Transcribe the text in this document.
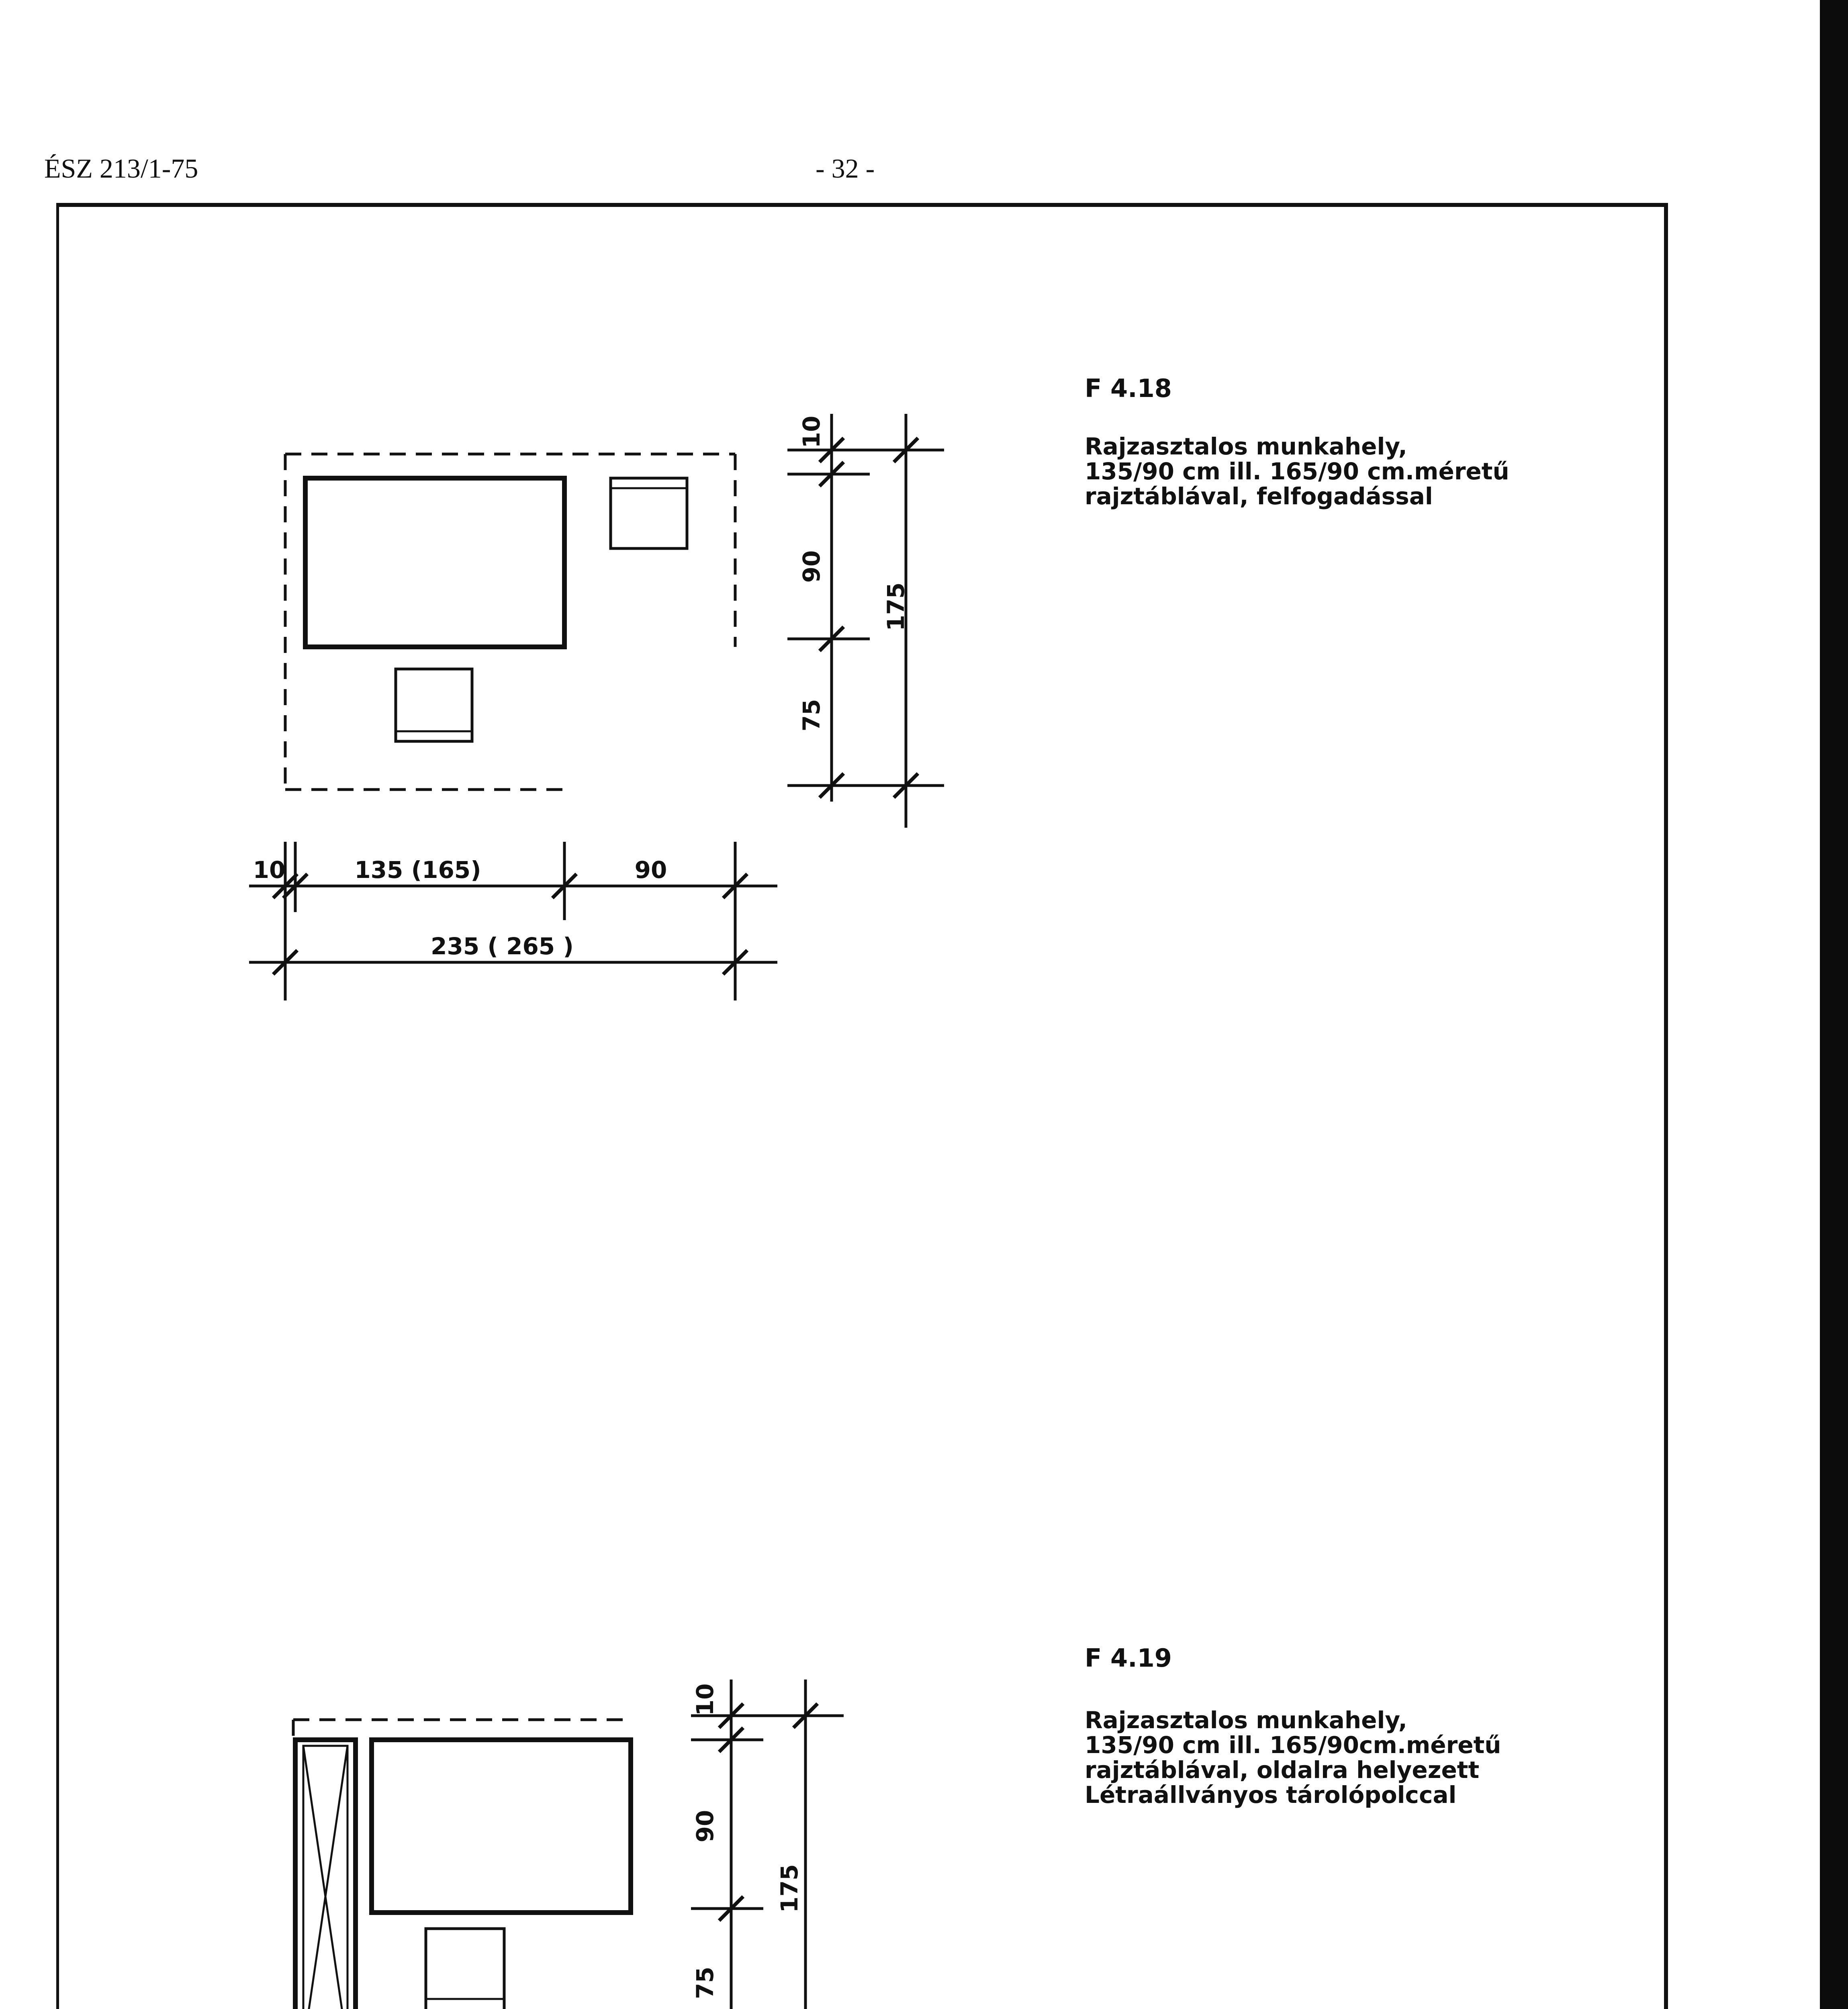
ÉSZ 213/1-75	- 32 -
F 4.18
Rajzasztalos munkahely,
135/90 cm ill. 165/90 cm.méretű
rajztáblával, felfogadással
F 4.19
Rajzasztalos munkahely,
135/90 cm ill. 165/90cm.méretű
rajztáblával, oldalra helyezett
Létraállványos tárolópolccal
10
90
75
175
10	135 (165)	90
235 ( 265 )
10
90
75
175
